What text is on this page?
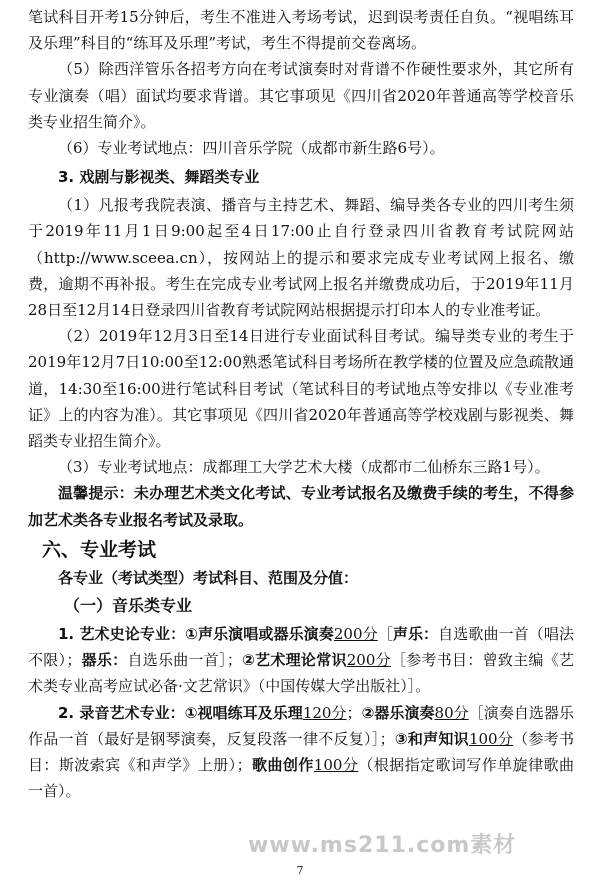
笔试科目开考15分钟后，考生不准进入考场考试，迟到误考责任自负。“视唱练耳及乐理”科目的“练耳及乐理”考试，考生不得提前交卷离场。

（5）除西洋管乐各招考方向在考试演奏时对背谱不作硬性要求外，其它所有专业演奏（唱）面试均要求背谱。其它事项见《四川省2020年普通高等学校音乐类专业招生简介》。

（6）专业考试地点：四川音乐学院（成都市新生路6号）。

3. 戏剧与影视类、舞蹈类专业

（1）凡报考我院表演、播音与主持艺术、舞蹈、编导类各专业的四川考生须于2019年11月1日9:00起至4日17:00止自行登录四川省教育考试院网站（http://www.sceea.cn），按网站上的提示和要求完成专业考试网上报名、缴费，逾期不再补报。考生在完成专业考试网上报名并缴费成功后，于2019年11月28日至12月14日登录四川省教育考试院网站根据提示打印本人的专业准考证。

（2）2019年12月3日至14日进行专业面试科目考试。编导类专业的考生于2019年12月7日10:00至12:00熟悉笔试科目考场所在教学楼的位置及应急疏散通道，14:30至16:00进行笔试科目考试（笔试科目的考试地点等安排以《专业准考证》上的内容为准）。其它事项见《四川省2020年普通高等学校戏剧与影视类、舞蹈类专业招生简介》。

（3）专业考试地点：成都理工大学艺术大楼（成都市二仙桥东三路1号）。

温馨提示：未办理艺术类文化考试、专业考试报名及缴费手续的考生，不得参加艺术类各专业报名考试及录取。

六、专业考试

各专业（考试类型）考试科目、范围及分值：

（一）音乐类专业

1. 艺术史论专业：①声乐演唱或器乐演奏200分［声乐：自选歌曲一首（唱法不限）；器乐：自选乐曲一首］；②艺术理论常识200分［参考书目：曾致主编《艺术类专业高考应试必备·文艺常识》（中国传媒大学出版社）］。

2. 录音艺术专业：①视唱练耳及乐理120分；②器乐演奏80分［演奏自选器乐作品一首（最好是钢琴演奏，反复段落一律不反复）］；③和声知识100分（参考书目：斯波索宾《和声学》上册）；歌曲创作100分（根据指定歌词写作单旋律歌曲一首）。

www.ms211.com素材
7
